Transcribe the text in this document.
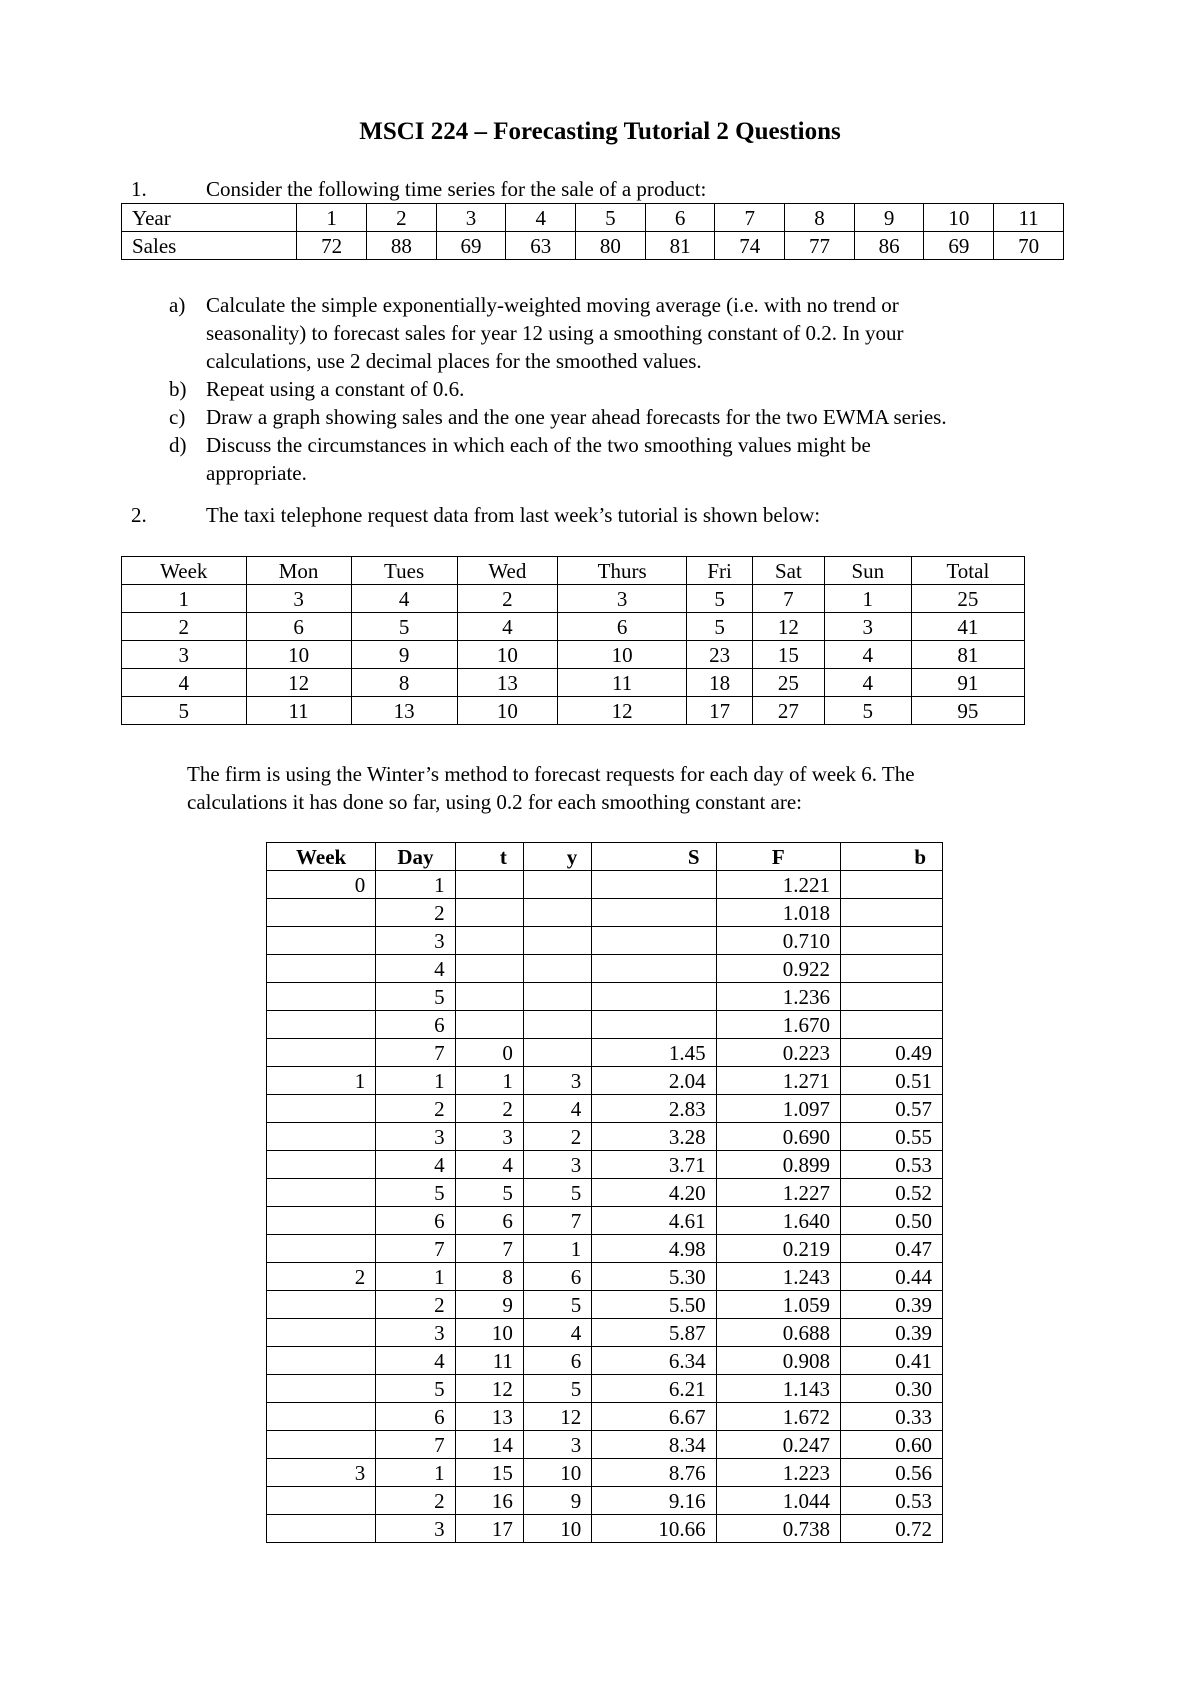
MSCI 224 – Forecasting Tutorial 2 Questions
1.	Consider the following time series for the sale of a product:
Year	1	2	3	4	5	6	7	8	9	10	11
Sales	72	88	69	63	80	81	74	77	86	69	70
a) Calculate the simple exponentially-weighted moving average (i.e. with no trend or
seasonality) to forecast sales for year 12 using a smoothing constant of 0.2. In your
calculations, use 2 decimal places for the smoothed values.
b) Repeat using a constant of 0.6.
c) Draw a graph showing sales and the one year ahead forecasts for the two EWMA series.
d) Discuss the circumstances in which each of the two smoothing values might be
appropriate.
2.	The taxi telephone request data from last week’s tutorial is shown below:
Week	Mon	Tues	Wed	Thurs	Fri	Sat	Sun	Total
1	3	4	2	3	5	7	1	25
2	6	5	4	6	5	12	3	41
3	10	9	10	10	23	15	4	81
4	12	8	13	11	18	25	4	91
5	11	13	10	12	17	27	5	95
The firm is using the Winter’s method to forecast requests for each day of week 6. The
calculations it has done so far, using 0.2 for each smoothing constant are:
Week	Day	t	y	S	F	b
0	1				1.221	
	2				1.018	
	3				0.710	
	4				0.922	
	5				1.236	
	6				1.670	
	7	0		1.45	0.223	0.49
1	1	1	3	2.04	1.271	0.51
	2	2	4	2.83	1.097	0.57
	3	3	2	3.28	0.690	0.55
	4	4	3	3.71	0.899	0.53
	5	5	5	4.20	1.227	0.52
	6	6	7	4.61	1.640	0.50
	7	7	1	4.98	0.219	0.47
2	1	8	6	5.30	1.243	0.44
	2	9	5	5.50	1.059	0.39
	3	10	4	5.87	0.688	0.39
	4	11	6	6.34	0.908	0.41
	5	12	5	6.21	1.143	0.30
	6	13	12	6.67	1.672	0.33
	7	14	3	8.34	0.247	0.60
3	1	15	10	8.76	1.223	0.56
	2	16	9	9.16	1.044	0.53
	3	17	10	10.66	0.738	0.72
